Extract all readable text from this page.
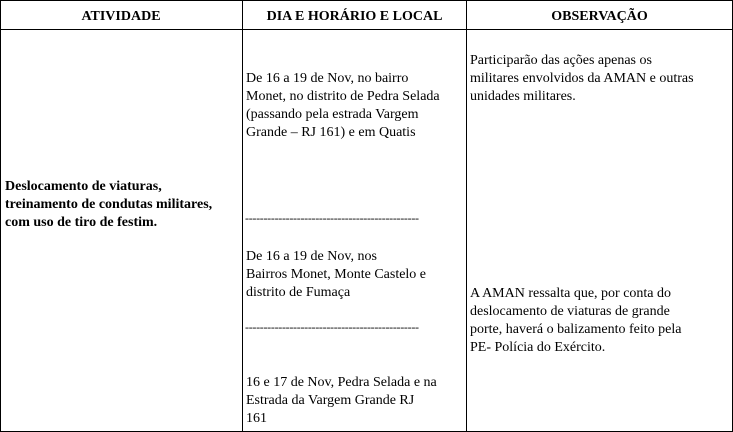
ATIVIDADE	DIA E HORÁRIO E LOCAL	OBSERVAÇÃO
Deslocamento de viaturas,
treinamento de condutas militares,
com uso de tiro de festim.
De 16 a 19 de Nov, no bairro
Monet, no distrito de Pedra Selada
(passando pela estrada Vargem
Grande – RJ 161) e em Quatis
-----------------------------------------------
De 16 a 19 de Nov, nos
Bairros Monet, Monte Castelo e
distrito de Fumaça
-----------------------------------------------
16 e 17 de Nov, Pedra Selada e na
Estrada da Vargem Grande RJ
161
Participarão das ações apenas os
militares envolvidos da AMAN e outras
unidades militares.
A AMAN ressalta que, por conta do
deslocamento de viaturas de grande
porte, haverá o balizamento feito pela
PE- Polícia do Exército.
